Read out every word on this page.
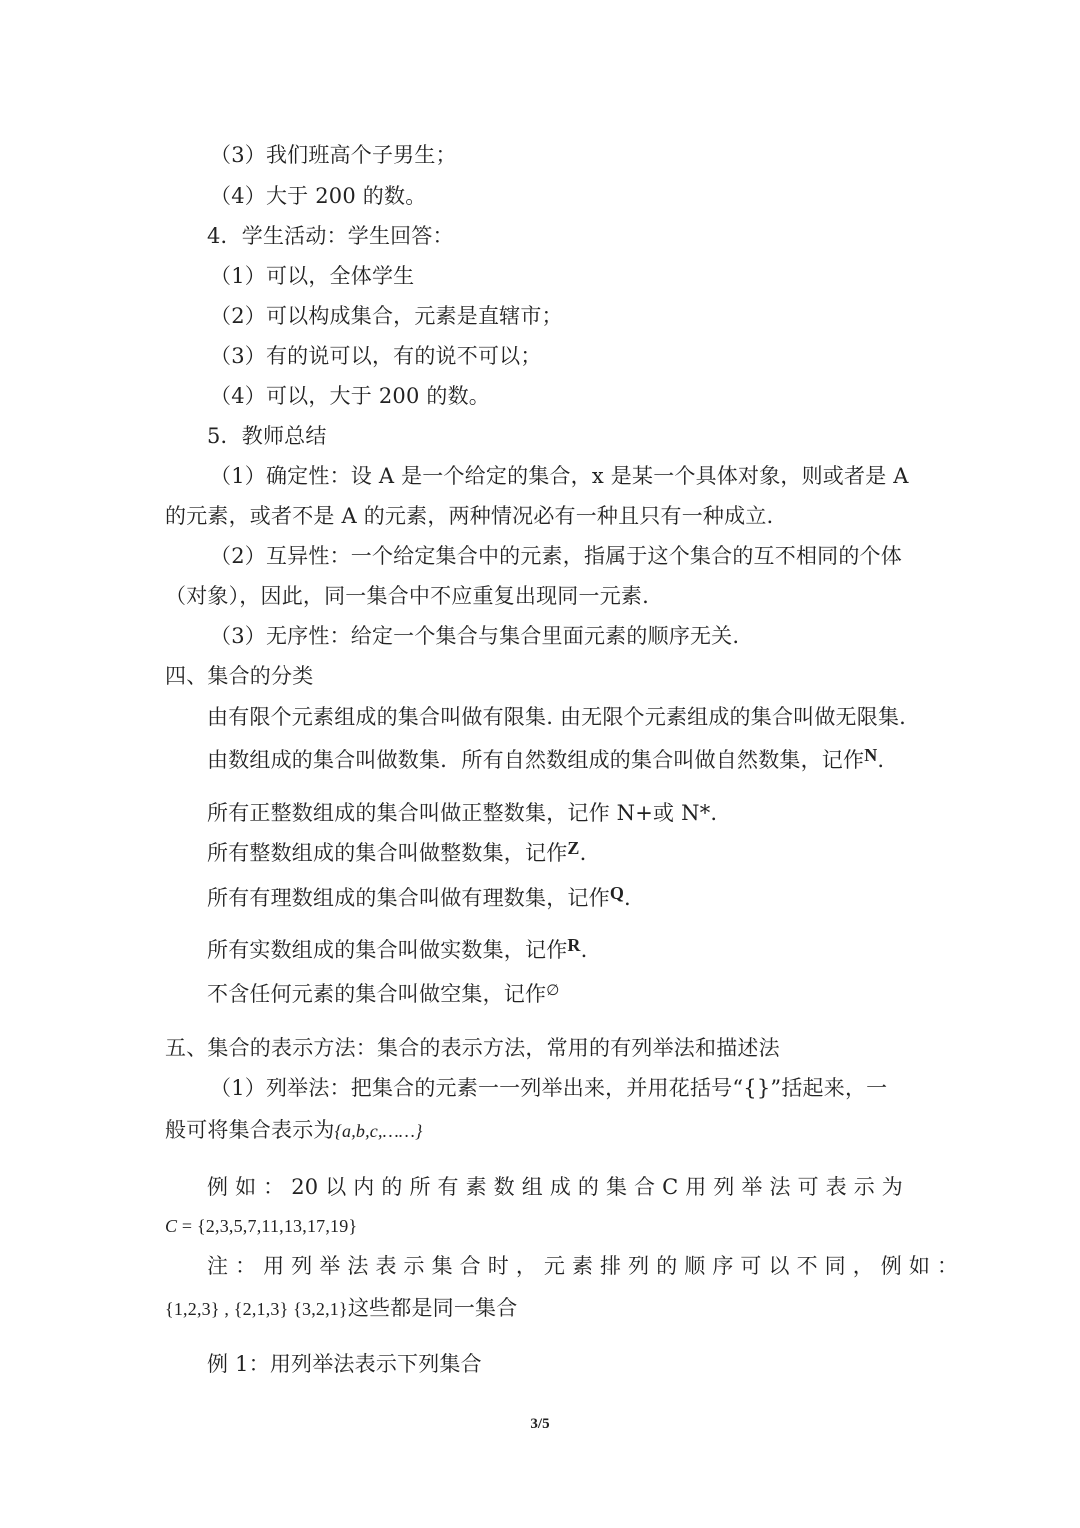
（3）我们班高个子男生；
（4）大于 200 的数。
4．学生活动：学生回答：
（1）可以，全体学生
（2）可以构成集合，元素是直辖市；
（3）有的说可以，有的说不可以；
（4）可以，大于 200 的数。
5．教师总结
（1）确定性：设 A 是一个给定的集合，x 是某一个具体对象，则或者是 A
的元素，或者不是 A 的元素，两种情况必有一种且只有一种成立.
（2）互异性：一个给定集合中的元素，指属于这个集合的互不相同的个体
（对象），因此，同一集合中不应重复出现同一元素.
（3）无序性：给定一个集合与集合里面元素的顺序无关.
四、集合的分类
由有限个元素组成的集合叫做有限集. 由无限个元素组成的集合叫做无限集.
由数组成的集合叫做数集．所有自然数组成的集合叫做自然数集，记作N.
所有正整数组成的集合叫做正整数集，记作 N+或 N*.
所有整数组成的集合叫做整数集，记作Z.
所有有理数组成的集合叫做有理数集，记作Q.
所有实数组成的集合叫做实数集，记作R.
不含任何元素的集合叫做空集，记作∅
五、集合的表示方法：集合的表示方法，常用的有列举法和描述法
（1）列举法：把集合的元素一一列举出来，并用花括号“{}”括起来，一
般可将集合表示为{a,b,c,……}
例 如 ： 20 以 内 的 所 有 素 数 组 成 的 集 合 C 用 列 举 法 可 表 示 为
C = {2,3,5,7,11,13,17,19}
注 ： 用 列 举 法 表 示 集 合 时 ， 元 素 排 列 的 顺 序 可 以 不 同 ， 例 如 ：
{1,2,3} , {2,1,3} {3,2,1}这些都是同一集合
例 1：用列举法表示下列集合
3/5
